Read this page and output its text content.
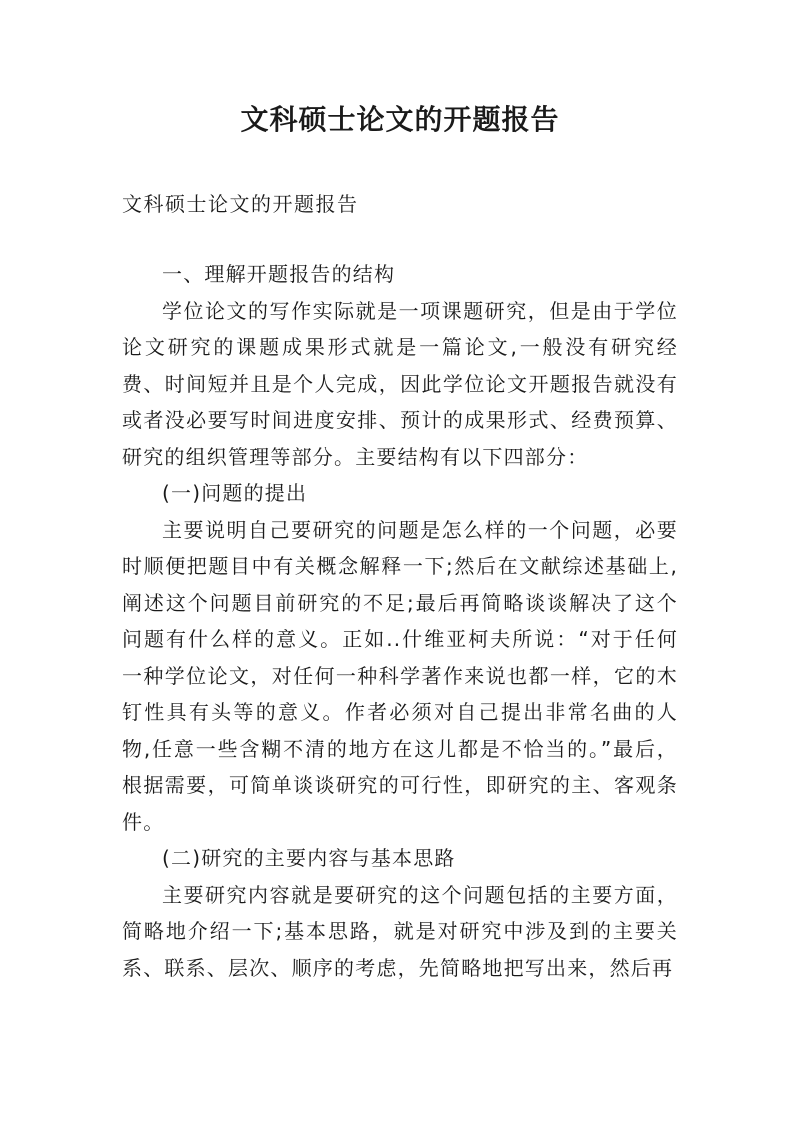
文科硕士论文的开题报告

文科硕士论文的开题报告

一、理解开题报告的结构

学位论文的写作实际就是一项课题研究，但是由于学位论文研究的课题成果形式就是一篇论文,一般没有研究经费、时间短并且是个人完成，因此学位论文开题报告就没有或者没必要写时间进度安排、预计的成果形式、经费预算、研究的组织管理等部分。主要结构有以下四部分：

(一)问题的提出

主要说明自己要研究的问题是怎么样的一个问题，必要时顺便把题目中有关概念解释一下;然后在文献综述基础上,阐述这个问题目前研究的不足;最后再简略谈谈解决了这个问题有什么样的意义。正如..什维亚柯夫所说：“对于任何一种学位论文，对任何一种科学著作来说也都一样，它的木钉性具有头等的意义。作者必须对自己提出非常名曲的人物,任意一些含糊不清的地方在这儿都是不恰当的。”最后，根据需要，可简单谈谈研究的可行性，即研究的主、客观条件。

(二)研究的主要内容与基本思路

主要研究内容就是要研究的这个问题包括的主要方面，简略地介绍一下;基本思路，就是对研究中涉及到的主要关系、联系、层次、顺序的考虑，先简略地把写出来，然后再
